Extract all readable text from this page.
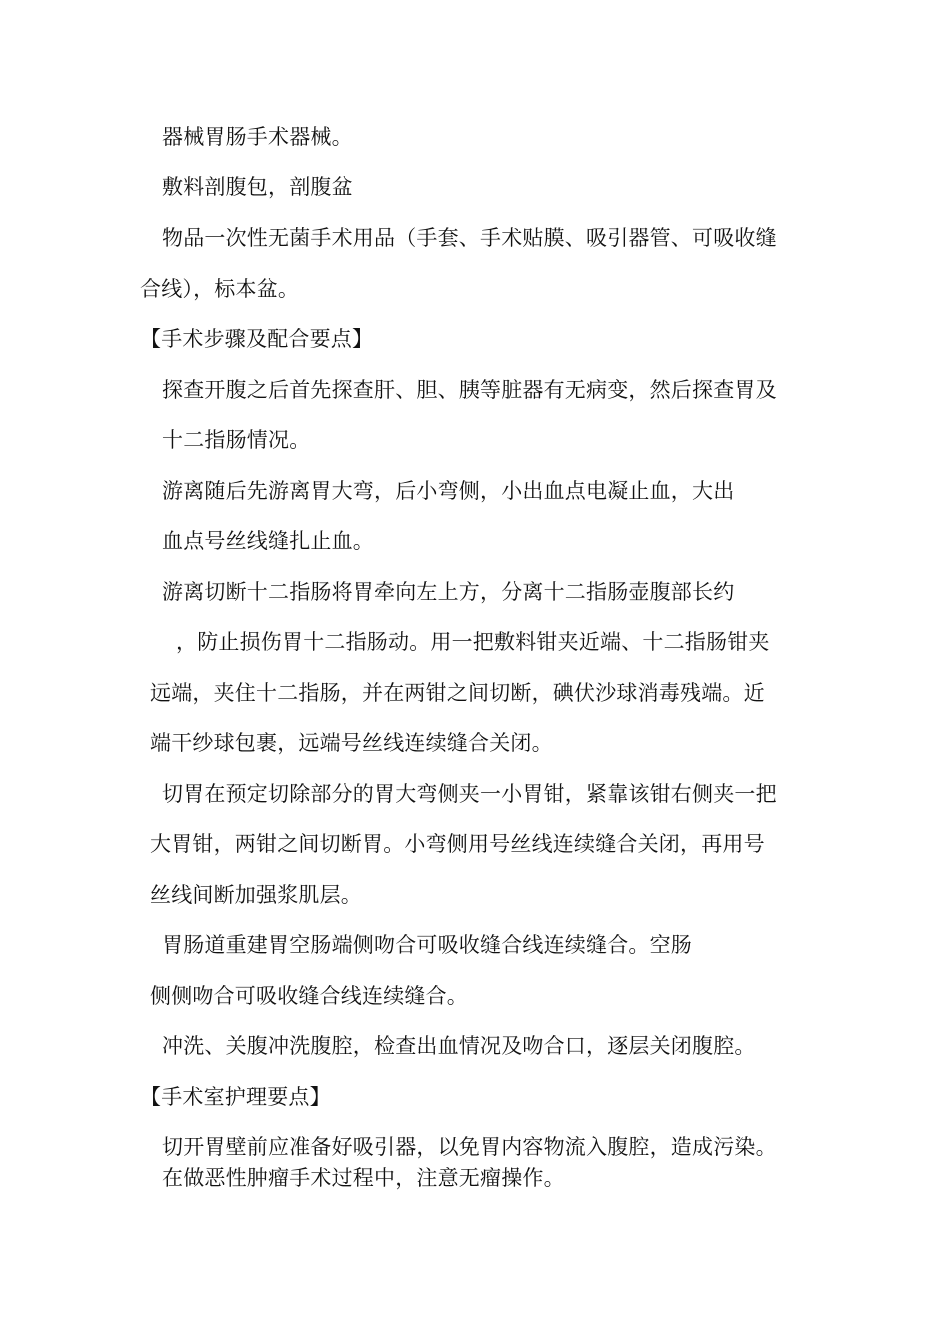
器械胃肠手术器械。
敷料剖腹包，剖腹盆
物品一次性无菌手术用品（手套、手术贴膜、吸引器管、可吸收缝
合线），标本盆。
【手术步骤及配合要点】
探查开腹之后首先探查肝、胆、胰等脏器有无病变，然后探查胃及
十二指肠情况。
游离随后先游离胃大弯，后小弯侧，小出血点电凝止血，大出
血点号丝线缝扎止血。
游离切断十二指肠将胃牵向左上方，分离十二指肠壶腹部长约
，防止损伤胃十二指肠动。用一把敷料钳夹近端、十二指肠钳夹
远端，夹住十二指肠，并在两钳之间切断，碘伏沙球消毒残端。近
端干纱球包裹，远端号丝线连续缝合关闭。
切胃在预定切除部分的胃大弯侧夹一小胃钳，紧靠该钳右侧夹一把
大胃钳，两钳之间切断胃。小弯侧用号丝线连续缝合关闭，再用号
丝线间断加强浆肌层。
胃肠道重建胃空肠端侧吻合可吸收缝合线连续缝合。空肠
侧侧吻合可吸收缝合线连续缝合。
冲洗、关腹冲洗腹腔，检查出血情况及吻合口，逐层关闭腹腔。
【手术室护理要点】
切开胃壁前应准备好吸引器，以免胃内容物流入腹腔，造成污染。
在做恶性肿瘤手术过程中，注意无瘤操作。
